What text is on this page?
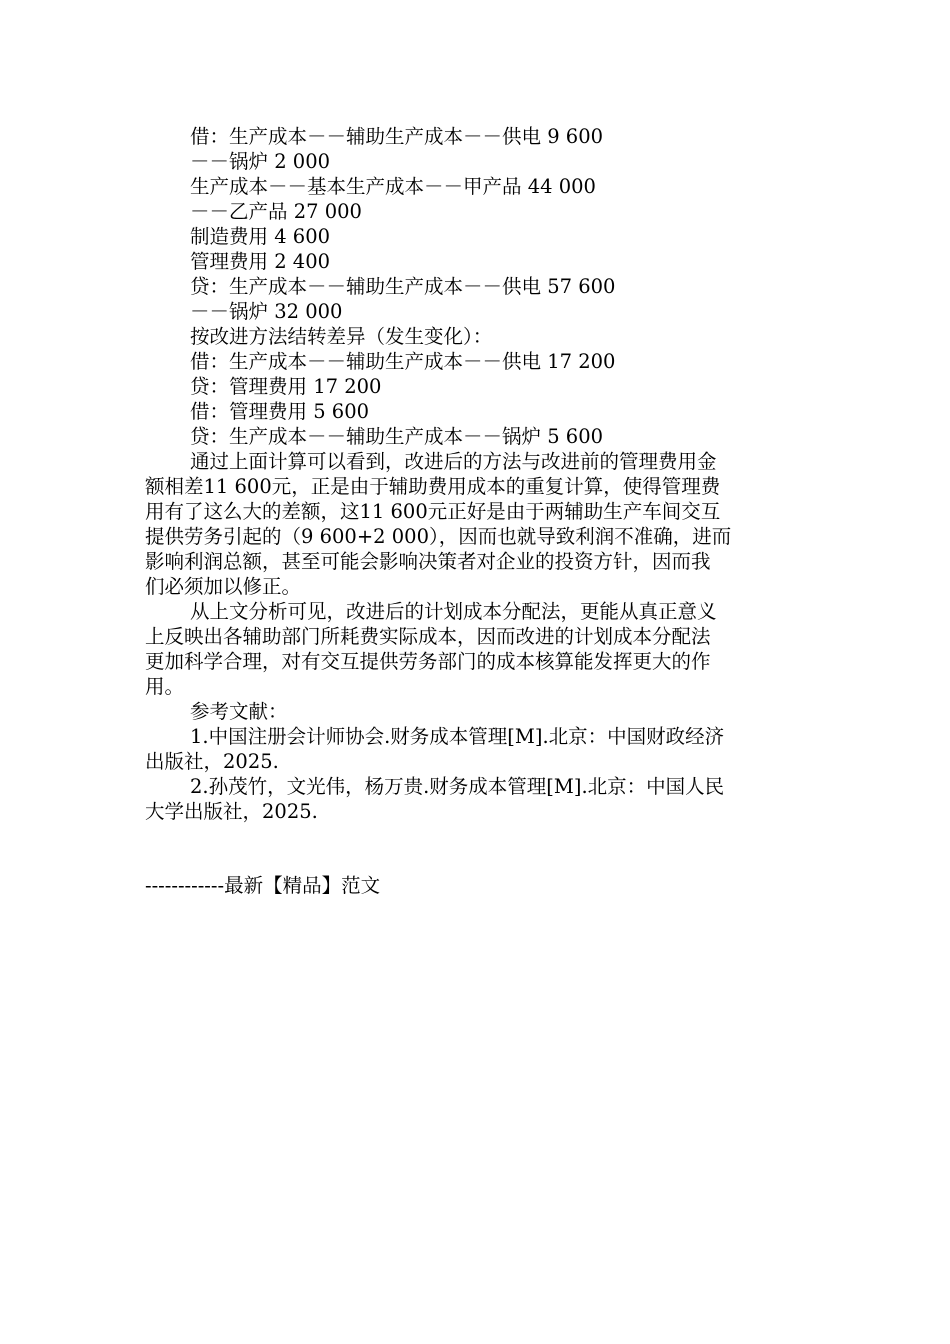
借：生产成本－－辅助生产成本－－供电 9 600
－－锅炉 2 000
生产成本－－基本生产成本－－甲产品 44 000
－－乙产品 27 000
制造费用 4 600
管理费用 2 400
贷：生产成本－－辅助生产成本－－供电 57 600
－－锅炉 32 000
按改进方法结转差异（发生变化）：
借：生产成本－－辅助生产成本－－供电 17 200
贷：管理费用 17 200
借：管理费用 5 600
贷：生产成本－－辅助生产成本－－锅炉 5 600
通过上面计算可以看到，改进后的方法与改进前的管理费用金
额相差11 600元，正是由于辅助费用成本的重复计算，使得管理费
用有了这么大的差额，这11 600元正好是由于两辅助生产车间交互
提供劳务引起的（9 600+2 000），因而也就导致利润不准确，进而
影响利润总额，甚至可能会影响决策者对企业的投资方针，因而我
们必须加以修正。
从上文分析可见，改进后的计划成本分配法，更能从真正意义
上反映出各辅助部门所耗费实际成本，因而改进的计划成本分配法
更加科学合理，对有交互提供劳务部门的成本核算能发挥更大的作
用。
参考文献：
1.中国注册会计师协会.财务成本管理[M].北京：中国财政经济
出版社，2025.
2.孙茂竹，文光伟，杨万贵.财务成本管理[M].北京：中国人民
大学出版社，2025.
------------最新【精品】范文
